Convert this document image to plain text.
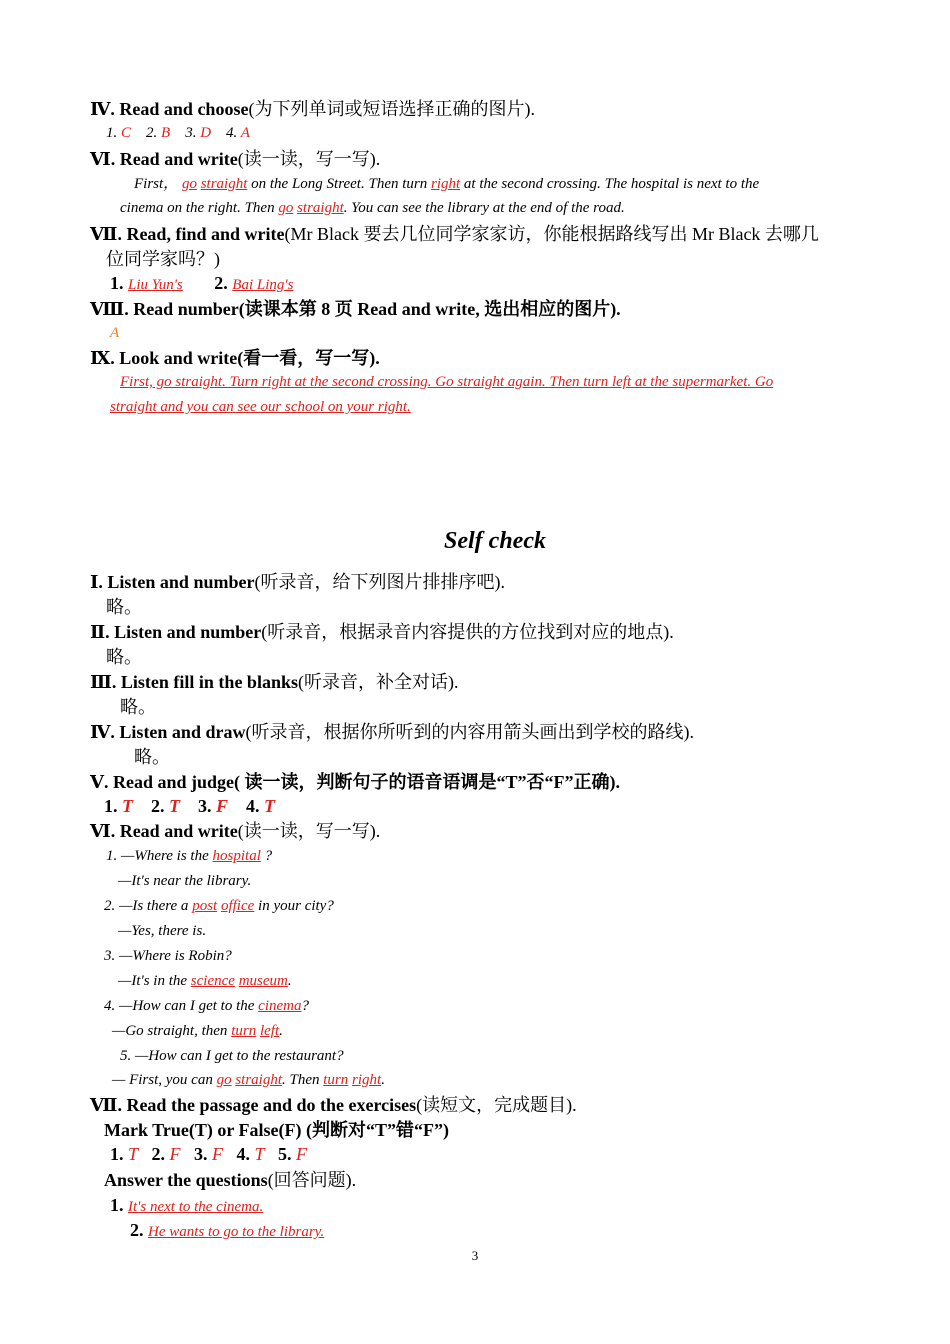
Ⅳ. Read and choose(为下列单词或短语选择正确的图片).
1. C 2. B 3. D 4. A
Ⅵ. Read and write(读一读，写一写).
First， go straight on the Long Street. Then turn right at the second crossing. The hospital is next to the
cinema on the right. Then go straight. You can see the library at the end of the road.
Ⅶ. Read, find and write(Mr Black 要去几位同学家家访，你能根据路线写出 Mr Black 去哪几
位同学家吗？)
1. Liu Yun's 2. Bai Ling's
Ⅷ. Read number(读课本第 8 页 Read and write, 选出相应的图片).
A
Ⅸ. Look and write(看一看，写一写).
First, go straight. Turn right at the second crossing. Go straight again. Then turn left at the supermarket. Go
straight and you can see our school on your right.
Self check
Ⅰ. Listen and number(听录音，给下列图片排排序吧).
略。
Ⅱ. Listen and number(听录音，根据录音内容提供的方位找到对应的地点).
略。
Ⅲ. Listen fill in the blanks(听录音，补全对话).
略。
Ⅳ. Listen and draw(听录音，根据你所听到的内容用箭头画出到学校的路线).
略。
Ⅴ. Read and judge( 读一读，判断句子的语音语调是“T”否“F”正确).
1. T 2. T 3. F 4. T
Ⅵ. Read and write(读一读，写一写).
1. —Where is the hospital ?
—It's near the library.
2. —Is there a post office in your city?
—Yes, there is.
3. —Where is Robin?
—It's in the science museum.
4. —How can I get to the cinema?
—Go straight, then turn left.
5. —How can I get to the restaurant?
— First, you can go straight. Then turn right.
Ⅶ. Read the passage and do the exercises(读短文，完成题目).
Mark True(T) or False(F) (判断对“T”错“F”)
1. T 2. F 3. F 4. T 5. F
Answer the questions(回答问题).
1. It's next to the cinema.
2. He wants to go to the library.
3
